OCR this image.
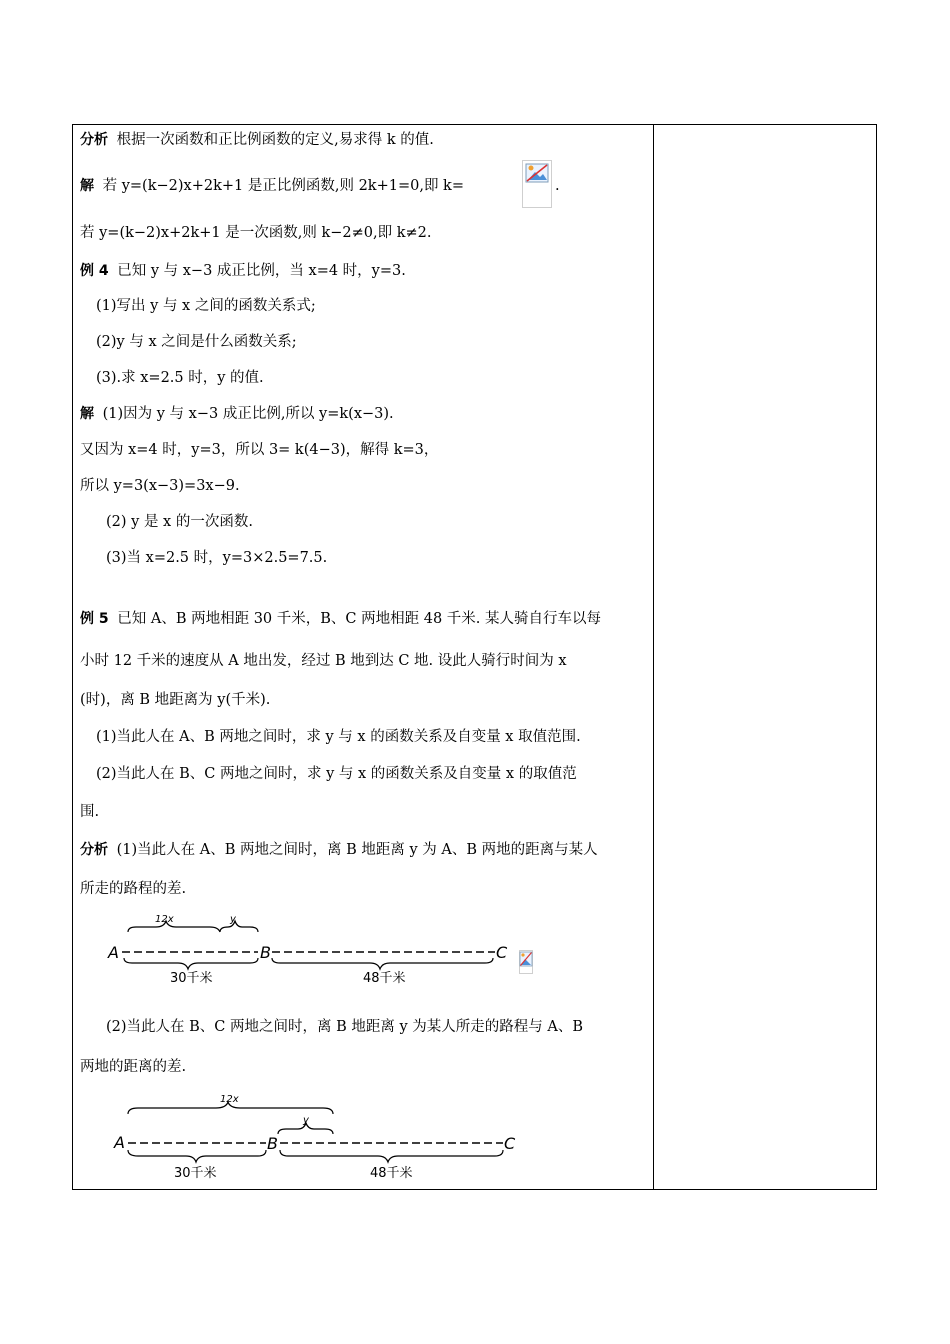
分析 根据一次函数和正比例函数的定义,易求得 k 的值.
解 若 y=(k−2)x+2k+1 是正比例函数,则 2k+1=0,即 k=	.
若 y=(k−2)x+2k+1 是一次函数,则 k−2≠0,即 k≠2.
例 4 已知 y 与 x−3 成正比例，当 x=4 时，y=3.
(1)写出 y 与 x 之间的函数关系式;
(2)y 与 x 之间是什么函数关系;
(3).求 x=2.5 时，y 的值.
解 (1)因为 y 与 x−3 成正比例,所以 y=k(x−3).
又因为 x=4 时，y=3，所以 3= k(4−3)，解得 k=3，
所以 y=3(x−3)=3x−9.
(2) y 是 x 的一次函数.
(3)当 x=2.5 时，y=3×2.5=7.5.
例 5 已知 A、B 两地相距 30 千米，B、C 两地相距 48 千米. 某人骑自行车以每
小时 12 千米的速度从 A 地出发，经过 B 地到达 C 地. 设此人骑行时间为 x
(时)，离 B 地距离为 y(千米).
(1)当此人在 A、B 两地之间时，求 y 与 x 的函数关系及自变量 x 取值范围.
(2)当此人在 B、C 两地之间时，求 y 与 x 的函数关系及自变量 x 的取值范
围.
分析 (1)当此人在 A、B 两地之间时，离 B 地距离 y 为 A、B 两地的距离与某人
所走的路程的差.
12x	y
A	B	C
30千米	48千米
(2)当此人在 B、C 两地之间时，离 B 地距离 y 为某人所走的路程与 A、B
两地的距离的差.
12x
y
A	B	C
30千米	48千米
